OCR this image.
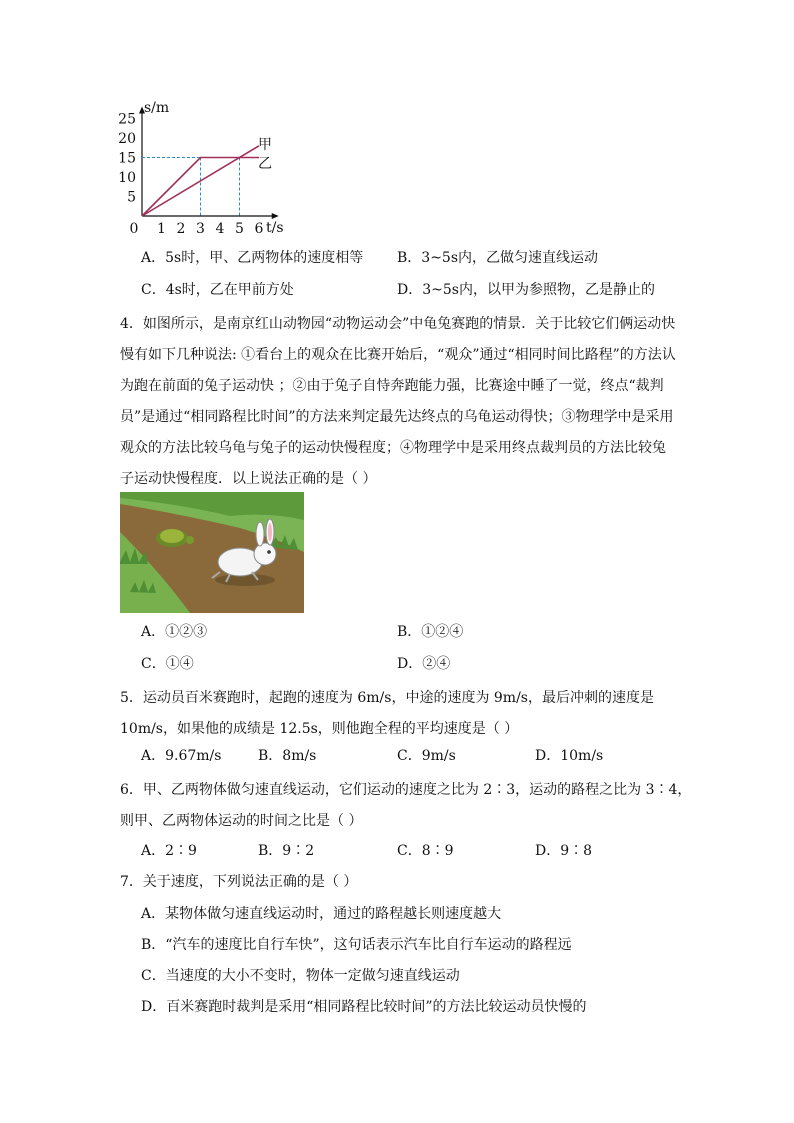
25
20
15
10
5
0 1 2 3 4 5 6
s/m
t/s
甲
乙
A．5s时，甲、乙两物体的速度相等 B．3~5s内，乙做匀速直线运动
C．4s时，乙在甲前方处	D．3~5s内，以甲为参照物，乙是静止的
4．如图所示，是南京红山动物园“动物运动会”中龟兔赛跑的情景．关于比较它们俩运动快
慢有如下几种说法: ①看台上的观众在比赛开始后，“观众”通过“相同时间比路程”的方法认
为跑在前面的兔子运动快 ；②由于兔子自恃奔跑能力强，比赛途中睡了一觉，终点“裁判
员”是通过“相同路程比时间”的方法来判定最先达终点的乌龟运动得快；③物理学中是采用
观众的方法比较乌龟与兔子的运动快慢程度；④物理学中是采用终点裁判员的方法比较兔
子运动快慢程度．以上说法正确的是（ ）
A．①②③	B．①②④
C．①④	D．②④
5．运动员百米赛跑时，起跑的速度为 6m/s，中途的速度为 9m/s，最后冲刺的速度是
10m/s，如果他的成绩是 12.5s，则他跑全程的平均速度是（ ）
A．9.67m/s	B．8m/s	C．9m/s	D．10m/s
6．甲、乙两物体做匀速直线运动，它们运动的速度之比为 2∶3，运动的路程之比为 3∶4，
则甲、乙两物体运动的时间之比是（ ）
A．2∶9	B．9∶2	C．8∶9	D．9∶8
7．关于速度，下列说法正确的是（ ）
A．某物体做匀速直线运动时，通过的路程越长则速度越大
B．“汽车的速度比自行车快”，这句话表示汽车比自行车运动的路程远
C．当速度的大小不变时，物体一定做匀速直线运动
D．百米赛跑时裁判是采用“相同路程比较时间”的方法比较运动员快慢的
